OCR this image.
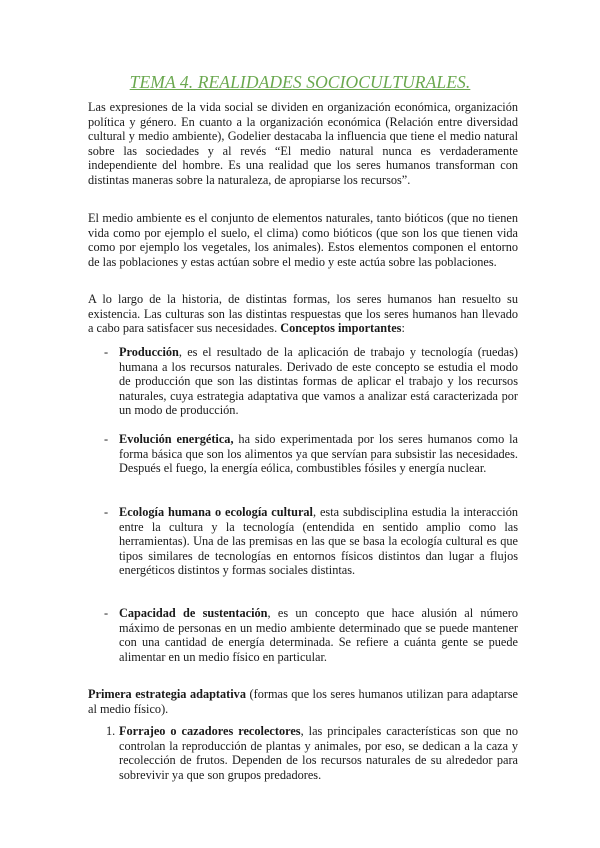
TEMA 4. REALIDADES SOCIOCULTURALES.

Las expresiones de la vida social se dividen en organización económica, organización política y género. En cuanto a la organización económica (Relación entre diversidad cultural y medio ambiente), Godelier destacaba la influencia que tiene el medio natural sobre las sociedades y al revés “El medio natural nunca es verdaderamente independiente del hombre. Es una realidad que los seres humanos transforman con distintas maneras sobre la naturaleza, de apropiarse los recursos”.

El medio ambiente es el conjunto de elementos naturales, tanto bióticos (que no tienen vida como por ejemplo el suelo, el clima) como bióticos (que son los que tienen vida como por ejemplo los vegetales, los animales). Estos elementos componen el entorno de las poblaciones y estas actúan sobre el medio y este actúa sobre las poblaciones.

A lo largo de la historia, de distintas formas, los seres humanos han resuelto su existencia. Las culturas son las distintas respuestas que los seres humanos han llevado a cabo para satisfacer sus necesidades. Conceptos importantes:

- Producción, es el resultado de la aplicación de trabajo y tecnología (ruedas) humana a los recursos naturales. Derivado de este concepto se estudia el modo de producción que son las distintas formas de aplicar el trabajo y los recursos naturales, cuya estrategia adaptativa que vamos a analizar está caracterizada por un modo de producción.

- Evolución energética, ha sido experimentada por los seres humanos como la forma básica que son los alimentos ya que servían para subsistir las necesidades. Después el fuego, la energía eólica, combustibles fósiles y energía nuclear.

- Ecología humana o ecología cultural, esta subdisciplina estudia la interacción entre la cultura y la tecnología (entendida en sentido amplio como las herramientas). Una de las premisas en las que se basa la ecología cultural es que tipos similares de tecnologías en entornos físicos distintos dan lugar a flujos energéticos distintos y formas sociales distintas.

- Capacidad de sustentación, es un concepto que hace alusión al número máximo de personas en un medio ambiente determinado que se puede mantener con una cantidad de energía determinada. Se refiere a cuánta gente se puede alimentar en un medio físico en particular.

Primera estrategia adaptativa (formas que los seres humanos utilizan para adaptarse al medio físico).

1. Forrajeo o cazadores recolectores, las principales características son que no controlan la reproducción de plantas y animales, por eso, se dedican a la caza y recolección de frutos. Dependen de los recursos naturales de su alrededor para sobrevivir ya que son grupos predadores.
